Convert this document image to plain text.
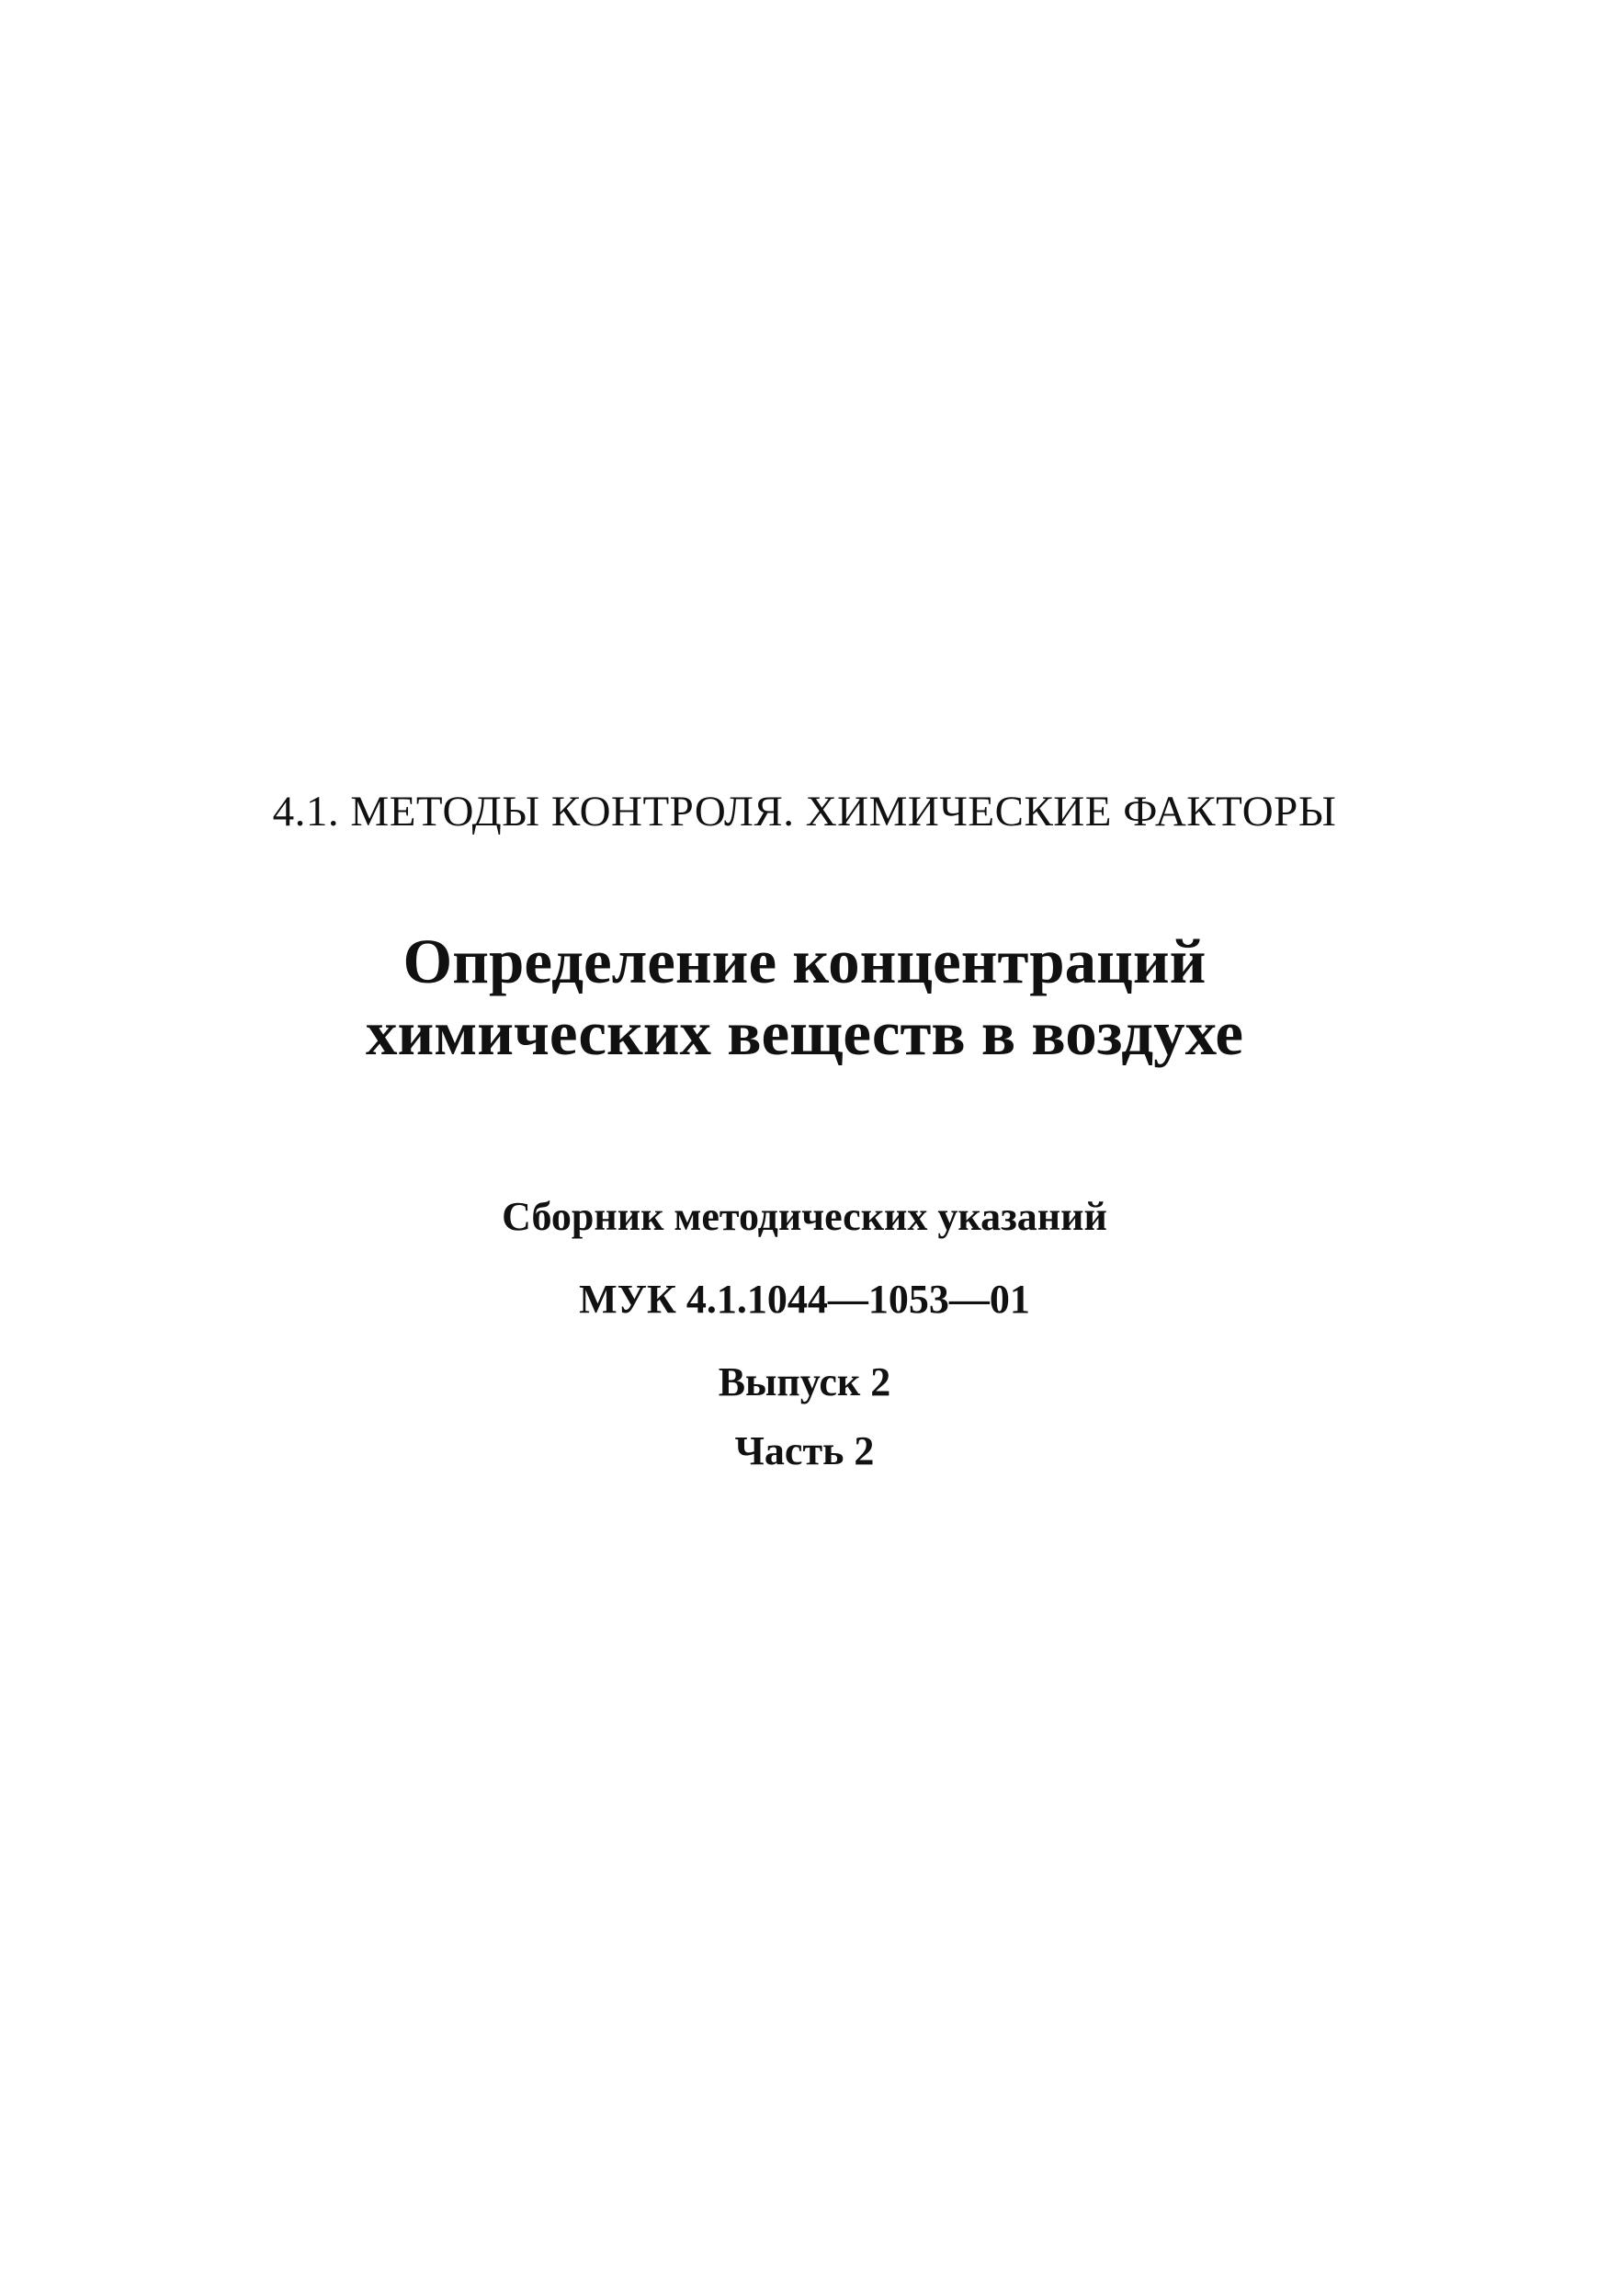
4.1. МЕТОДЫ КОНТРОЛЯ. ХИМИЧЕСКИЕ ФАКТОРЫ
Определение концентраций
химических веществ в воздухе
Сборник методических указаний
МУК 4.1.1044—1053—01
Выпуск 2
Часть 2
